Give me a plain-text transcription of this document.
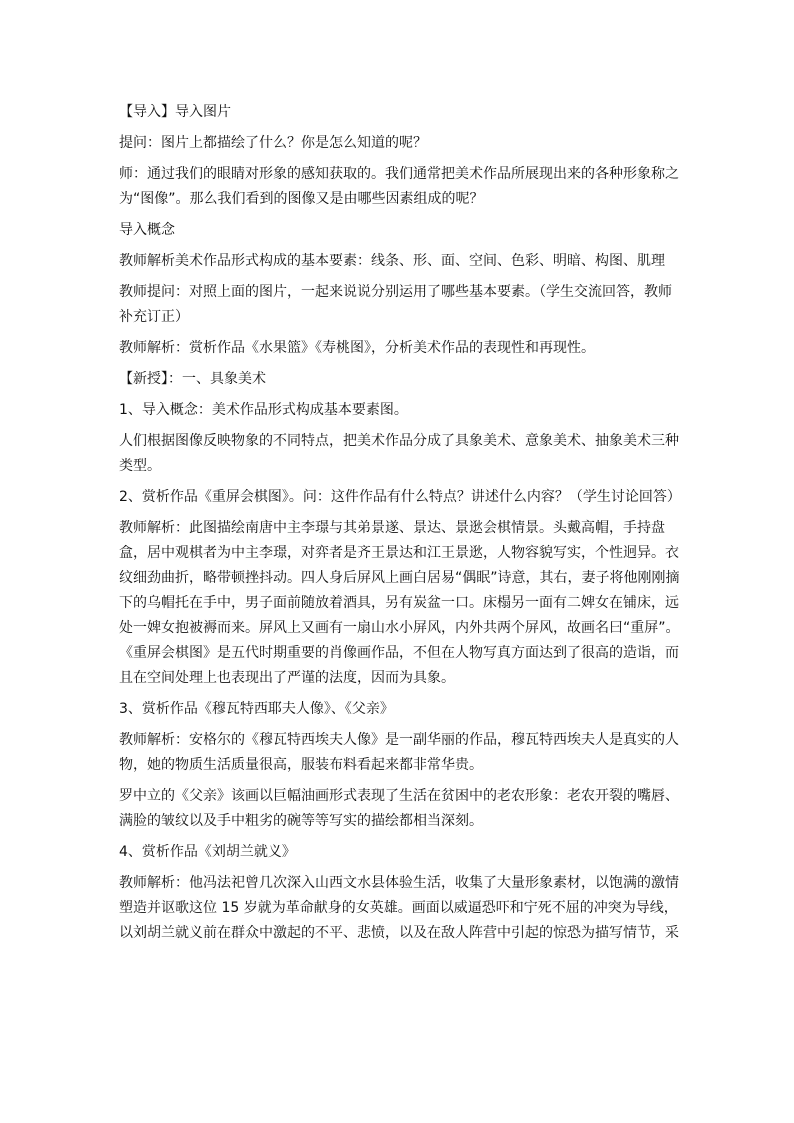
【导入】导入图片

提问：图片上都描绘了什么？你是怎么知道的呢？

师：通过我们的眼睛对形象的感知获取的。我们通常把美术作品所展现出来的各种形象称之为“图像”。那么我们看到的图像又是由哪些因素组成的呢？

导入概念

教师解析美术作品形式构成的基本要素：线条、形、面、空间、色彩、明暗、构图、肌理

教师提问：对照上面的图片，一起来说说分别运用了哪些基本要素。（学生交流回答，教师补充订正）

教师解析：赏析作品《水果篮》《寿桃图》，分析美术作品的表现性和再现性。

【新授】：一、具象美术

1、导入概念：美术作品形式构成基本要素图。

人们根据图像反映物象的不同特点，把美术作品分成了具象美术、意象美术、抽象美术三种类型。

2、赏析作品《重屏会棋图》。问：这件作品有什么特点？讲述什么内容？（学生讨论回答）

教师解析：此图描绘南唐中主李璟与其弟景遂、景达、景逖会棋情景。头戴高帽，手持盘盒，居中观棋者为中主李璟，对弈者是齐王景达和江王景逖，人物容貌写实，个性迥异。衣纹细劲曲折，略带顿挫抖动。四人身后屏风上画白居易“偶眠”诗意，其右，妻子将他刚刚摘下的乌帽托在手中，男子面前随放着酒具，另有炭盆一口。床榻另一面有二婢女在铺床，远处一婢女抱被褥而来。屏风上又画有一扇山水小屏风，内外共两个屏风，故画名曰“重屏”。《重屏会棋图》是五代时期重要的肖像画作品，不但在人物写真方面达到了很高的造诣，而且在空间处理上也表现出了严谨的法度，因而为具象。

3、赏析作品《穆瓦特西耶夫人像》、《父亲》

教师解析：安格尔的《穆瓦特西埃夫人像》是一副华丽的作品，穆瓦特西埃夫人是真实的人物，她的物质生活质量很高，服装布料看起来都非常华贵。

罗中立的《父亲》该画以巨幅油画形式表现了生活在贫困中的老农形象：老农开裂的嘴唇、满脸的皱纹以及手中粗劣的碗等等写实的描绘都相当深刻。

4、赏析作品《刘胡兰就义》

教师解析：他冯法祀曾几次深入山西文水县体验生活，收集了大量形象素材，以饱满的激情塑造并讴歌这位 15 岁就为革命献身的女英雄。画面以威逼恐吓和宁死不屈的冲突为导线，以刘胡兰就义前在群众中激起的不平、悲愤，以及在敌人阵营中引起的惊恐为描写情节，采
